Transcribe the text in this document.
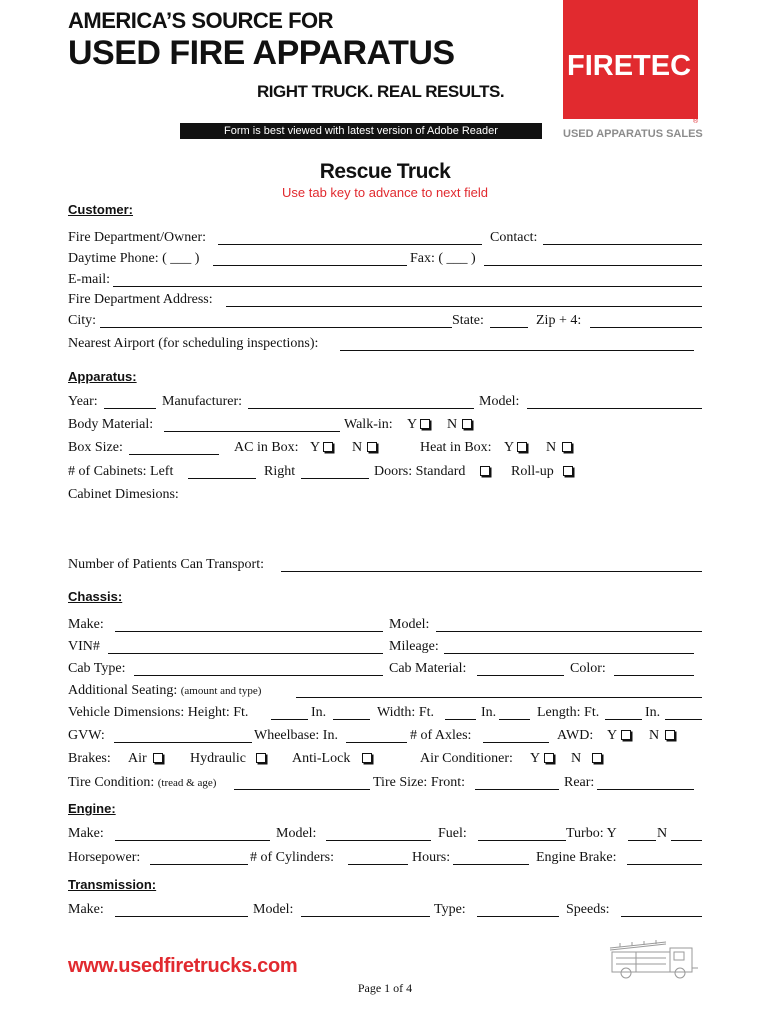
AMERICA’S SOURCE FOR
USED FIRE APPARATUS
RIGHT TRUCK. REAL RESULTS.
Form is best viewed with latest version of Adobe Reader
FIRETEC
®
USED APPARATUS SALES
Rescue Truck
Use tab key to advance to next field
Customer:
Fire Department/Owner:	Contact:
Daytime Phone: ( ___ )	Fax: ( ___ )
E-mail:
Fire Department Address:
City:	State:	Zip + 4:
Nearest Airport (for scheduling inspections):
Apparatus:
Year:	Manufacturer:	Model:
Body Material:	Walk-in: Y N
Box Size:	AC in Box: Y N	Heat in Box: Y N
# of Cabinets: Left	Right	Doors: Standard	Roll-up
Cabinet Dimesions:
Number of Patients Can Transport:
Chassis:
Make:	Model:
VIN#	Mileage:
Cab Type:	Cab Material:	Color:
Additional Seating: (amount and type)
Vehicle Dimensions: Height: Ft.	In.	Width: Ft.	In.	Length: Ft.	In.
GVW:	Wheelbase: In.	# of Axles:	AWD: Y N
Brakes: Air	Hydraulic	Anti-Lock	Air Conditioner: Y N
Tire Condition: (tread & age)	Tire Size: Front:	Rear:
Engine:
Make:	Model:	Fuel:	Turbo: Y	N
Horsepower:	# of Cylinders:	Hours:	Engine Brake:
Transmission:
Make:	Model:	Type:	Speeds:
www.usedfiretrucks.com
Page 1 of 4
